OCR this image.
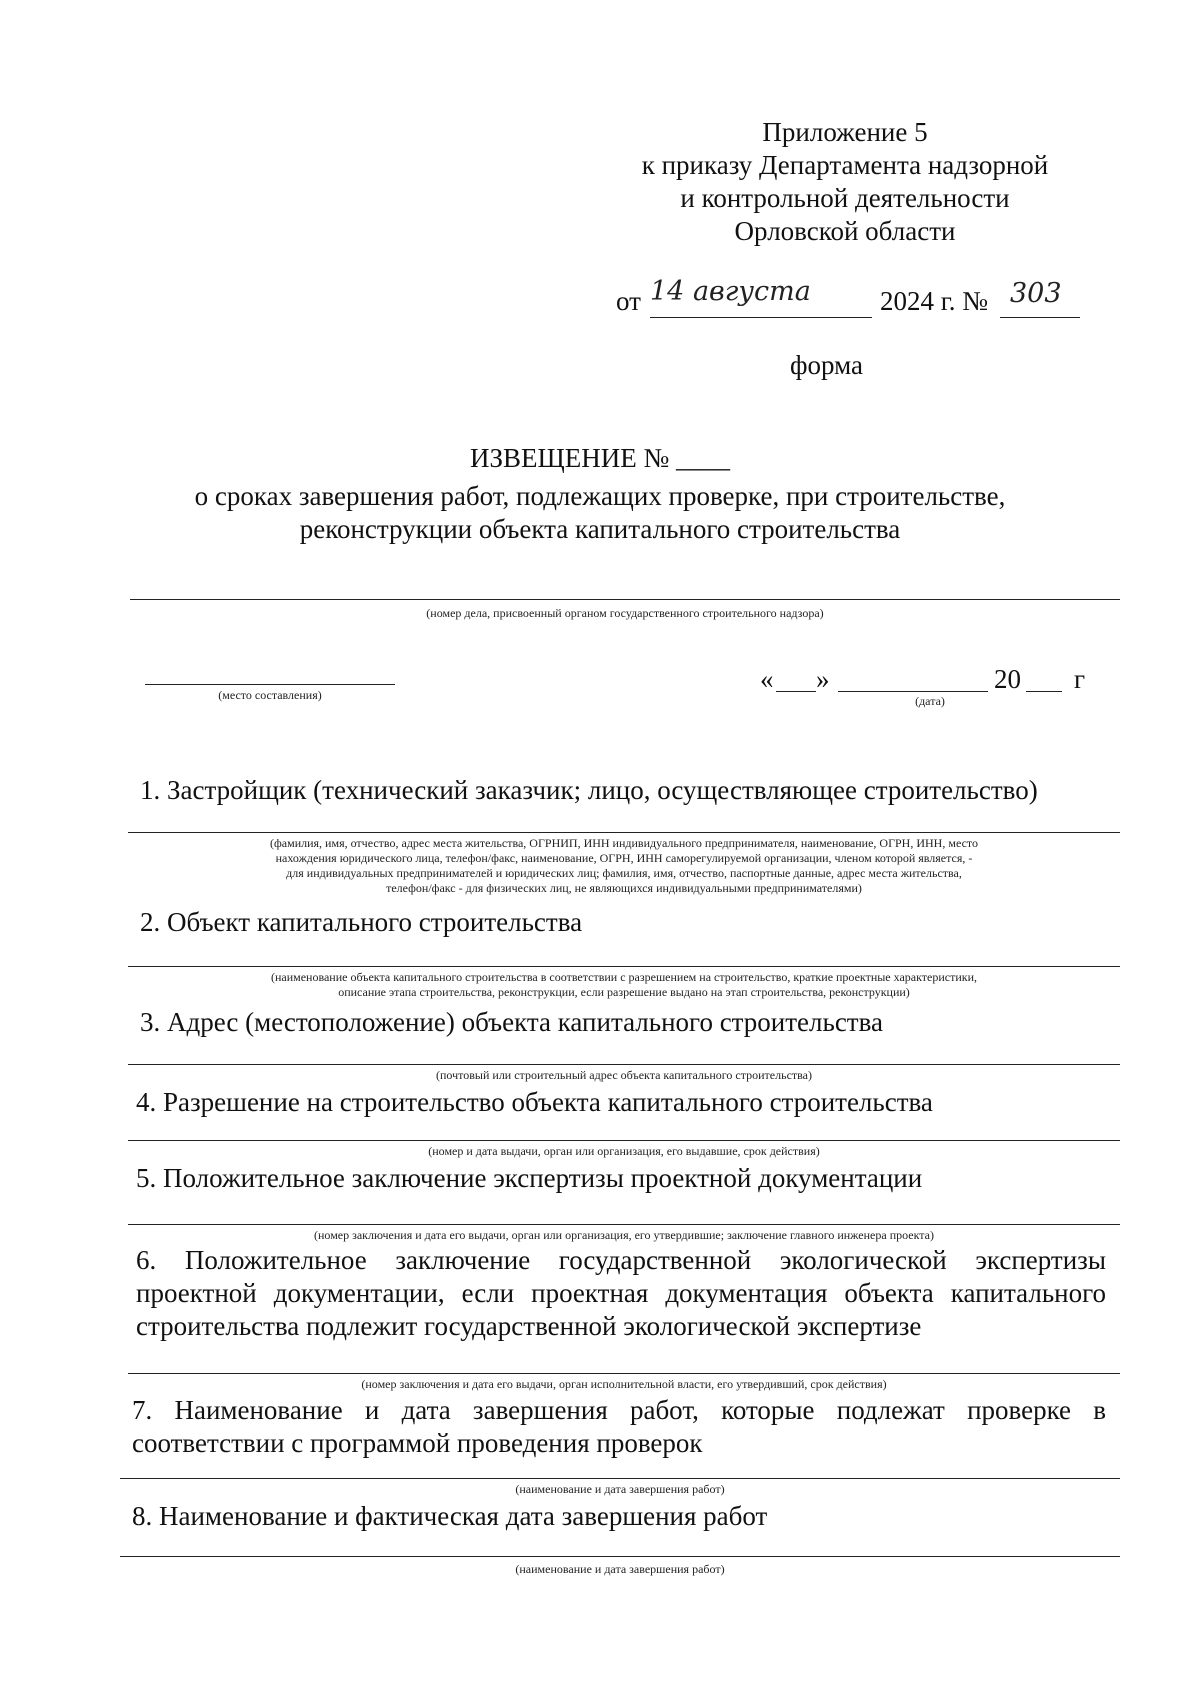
Приложение 5
к приказу Департамента надзорной
и контрольной деятельности
Орловской области
от 14 августа	2024 г. № 303
форма
ИЗВЕЩЕНИЕ № ____
о сроках завершения работ, подлежащих проверке, при строительстве,
реконструкции объекта капитального строительства
(номер дела, присвоенный органом государственного строительного надзора)
(место составления)
« »	20 г
(дата)
1. Застройщик (технический заказчик; лицо, осуществляющее строительство)
(фамилия, имя, отчество, адрес места жительства, ОГРНИП, ИНН индивидуального предпринимателя, наименование, ОГРН, ИНН, место
нахождения юридического лица, телефон/факс, наименование, ОГРН, ИНН саморегулируемой организации, членом которой является, -
для индивидуальных предпринимателей и юридических лиц; фамилия, имя, отчество, паспортные данные, адрес места жительства,
телефон/факс - для физических лиц, не являющихся индивидуальными предпринимателями)
2. Объект капитального строительства
(наименование объекта капитального строительства в соответствии с разрешением на строительство, краткие проектные характеристики,
описание этапа строительства, реконструкции, если разрешение выдано на этап строительства, реконструкции)
3. Адрес (местоположение) объекта капитального строительства
(почтовый или строительный адрес объекта капитального строительства)
4. Разрешение на строительство объекта капитального строительства
(номер и дата выдачи, орган или организация, его выдавшие, срок действия)
5. Положительное заключение экспертизы проектной документации
(номер заключения и дата его выдачи, орган или организация, его утвердившие; заключение главного инженера проекта)
6. Положительное заключение государственной экологической экспертизы проектной документации, если проектная документация объекта капитального строительства подлежит государственной экологической экспертизе
(номер заключения и дата его выдачи, орган исполнительной власти, его утвердивший, срок действия)
7. Наименование и дата завершения работ, которые подлежат проверке в соответствии с программой проведения проверок
(наименование и дата завершения работ)
8. Наименование и фактическая дата завершения работ
(наименование и дата завершения работ)
